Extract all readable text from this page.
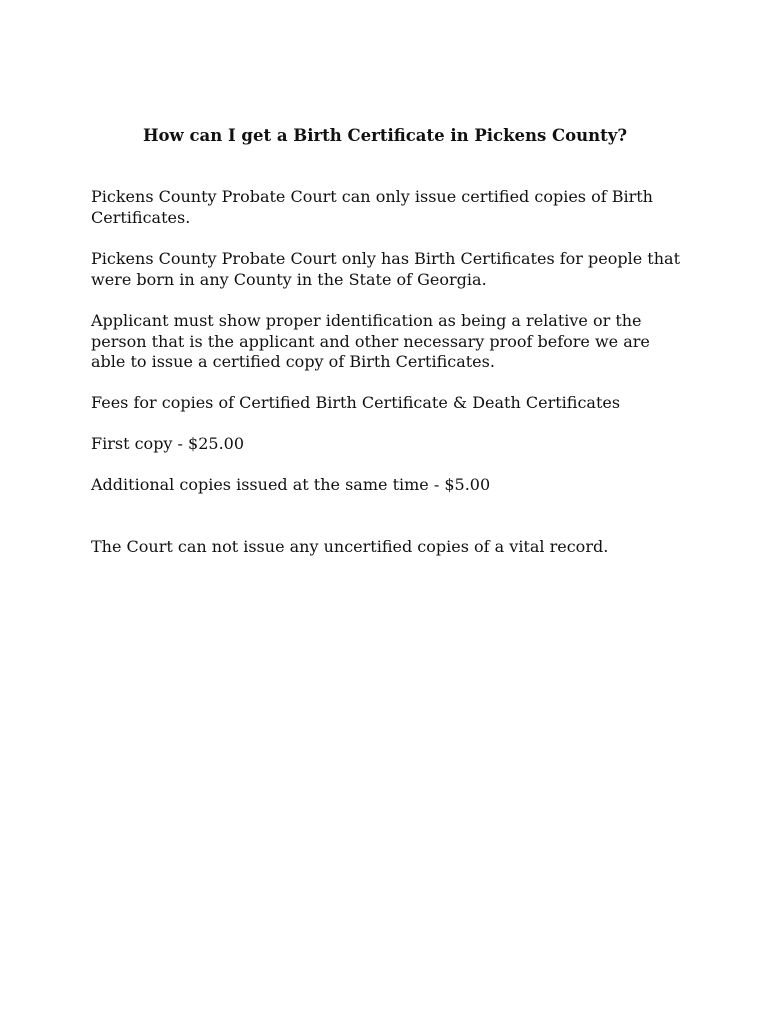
How can I get a Birth Certificate in Pickens County?

Pickens County Probate Court can only issue certified copies of Birth Certificates.

Pickens County Probate Court only has Birth Certificates for people that were born in any County in the State of Georgia.

Applicant must show proper identification as being a relative or the person that is the applicant and other necessary proof before we are able to issue a certified copy of Birth Certificates.

Fees for copies of Certified Birth Certificate & Death Certificates

First copy - $25.00

Additional copies issued at the same time - $5.00

The Court can not issue any uncertified copies of a vital record.
